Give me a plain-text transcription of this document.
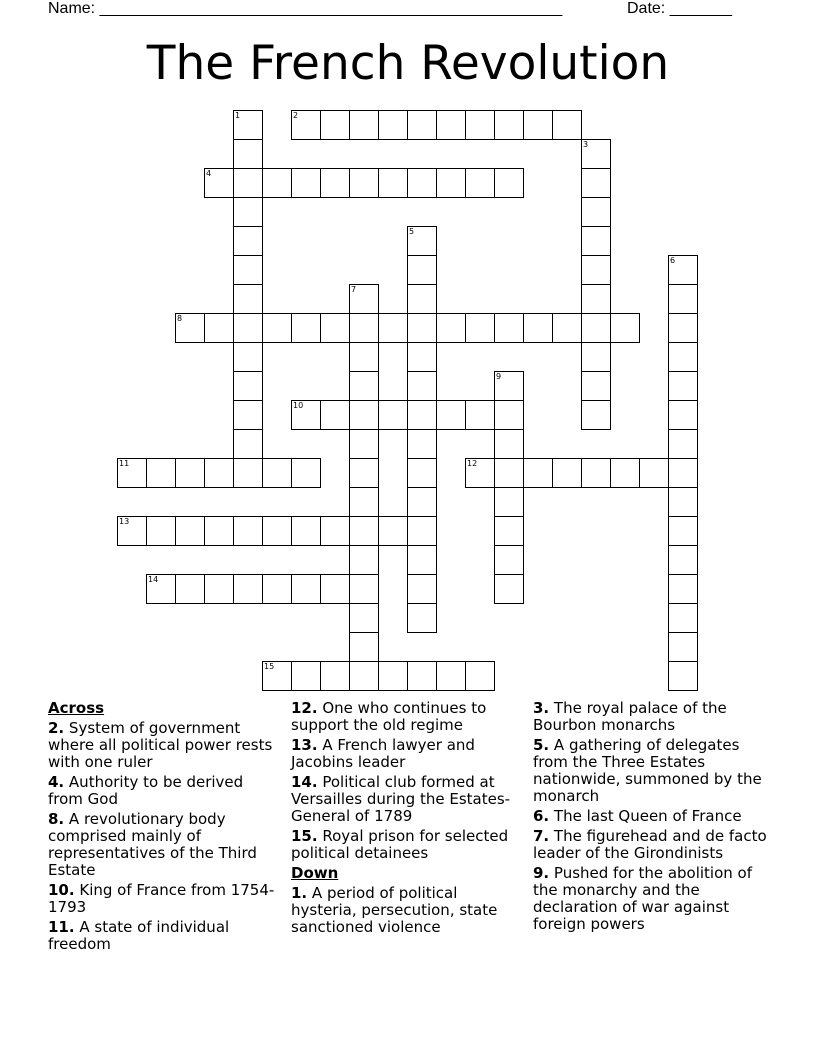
Name: ____________________________________________________	Date: _______
The French Revolution
1	2
3
4
5
6
7
8
9
10
11	12
13
14
15
Across
2. System of government where all political power rests with one ruler
4. Authority to be derived from God
8. A revolutionary body comprised mainly of representatives of the Third Estate
10. King of France from 1754-1793
11. A state of individual freedom
12. One who continues to support the old regime
13. A French lawyer and Jacobins leader
14. Political club formed at Versailles during the Estates-General of 1789
15. Royal prison for selected political detainees
Down
1. A period of political hysteria, persecution, state sanctioned violence
3. The royal palace of the Bourbon monarchs
5. A gathering of delegates from the Three Estates nationwide, summoned by the monarch
6. The last Queen of France
7. The figurehead and de facto leader of the Girondinists
9. Pushed for the abolition of the monarchy and the declaration of war against foreign powers
